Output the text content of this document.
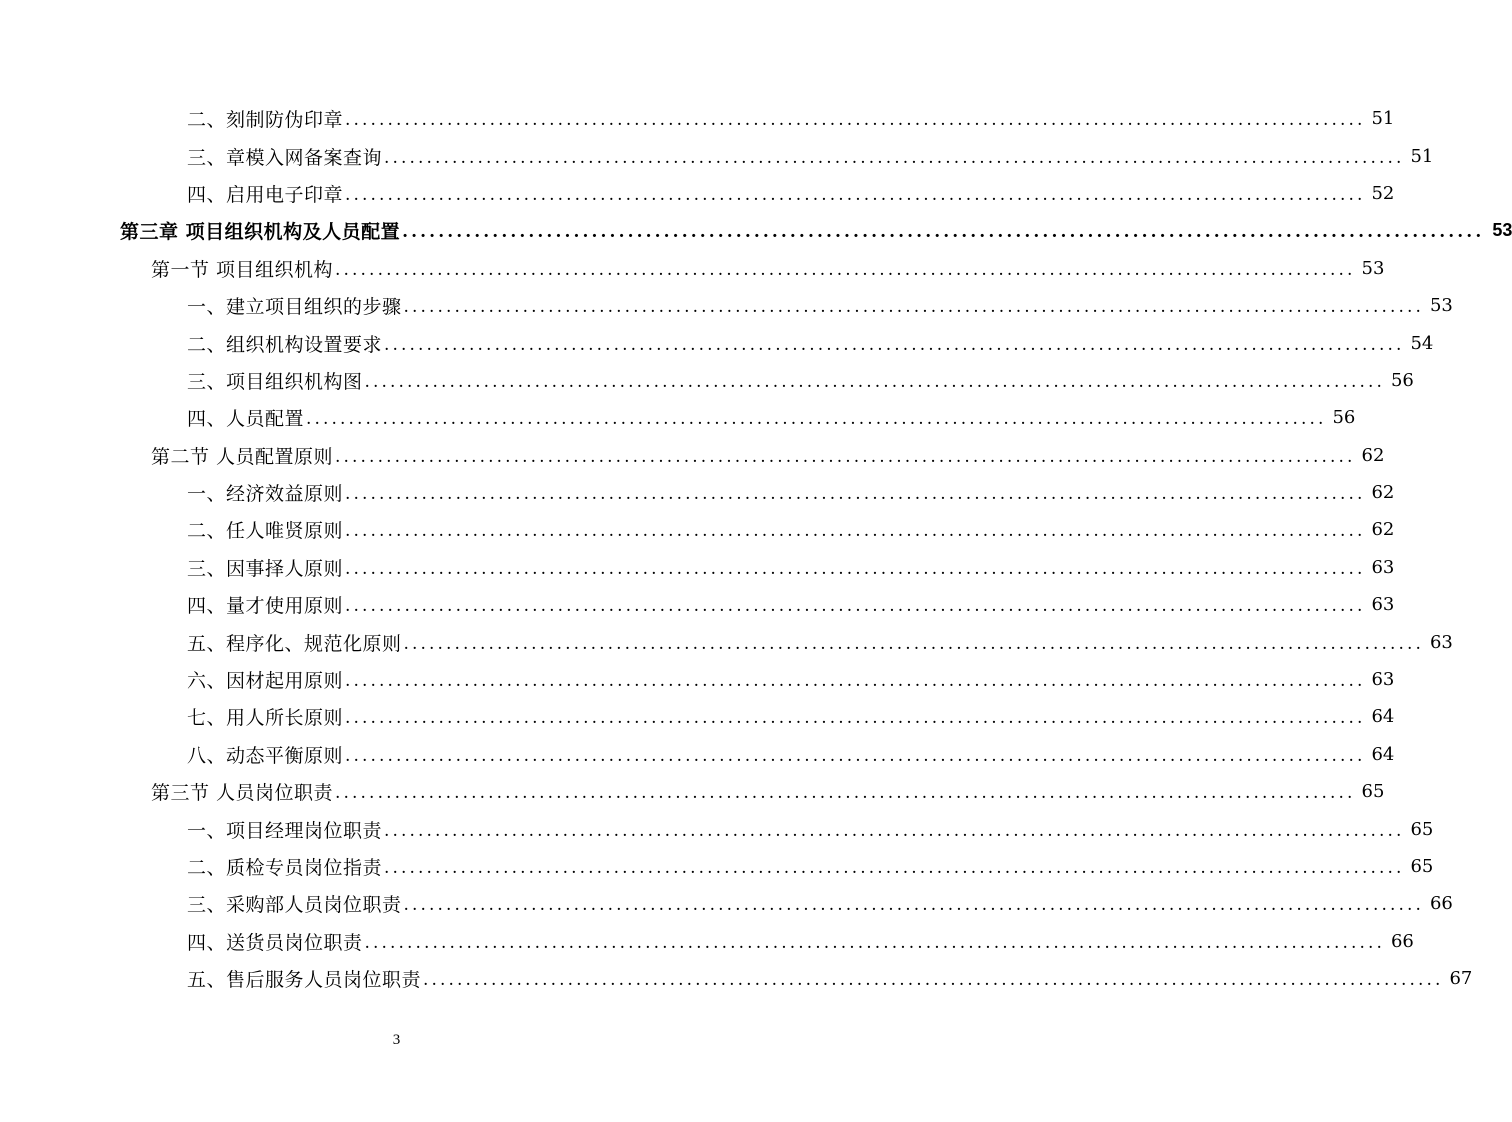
二、刻制防伪印章 ........................................................................................................................ 51
三、章模入网备案查询 ........................................................................................................................ 51
四、启用电子印章 ........................................................................................................................ 52
第三章 项目组织机构及人员配置 ........................................................................................................................ 53
第一节 项目组织机构 ........................................................................................................................ 53
一、建立项目组织的步骤 ........................................................................................................................ 53
二、组织机构设置要求 ........................................................................................................................ 54
三、项目组织机构图 ........................................................................................................................ 56
四、人员配置 ........................................................................................................................ 56
第二节 人员配置原则 ........................................................................................................................ 62
一、经济效益原则 ........................................................................................................................ 62
二、任人唯贤原则 ........................................................................................................................ 62
三、因事择人原则 ........................................................................................................................ 63
四、量才使用原则 ........................................................................................................................ 63
五、程序化、规范化原则 ........................................................................................................................ 63
六、因材起用原则 ........................................................................................................................ 63
七、用人所长原则 ........................................................................................................................ 64
八、动态平衡原则 ........................................................................................................................ 64
第三节 人员岗位职责 ........................................................................................................................ 65
一、项目经理岗位职责 ........................................................................................................................ 65
二、质检专员岗位指责 ........................................................................................................................ 65
三、采购部人员岗位职责 ........................................................................................................................ 66
四、送货员岗位职责 ........................................................................................................................ 66
五、售后服务人员岗位职责 ........................................................................................................................ 67
3
